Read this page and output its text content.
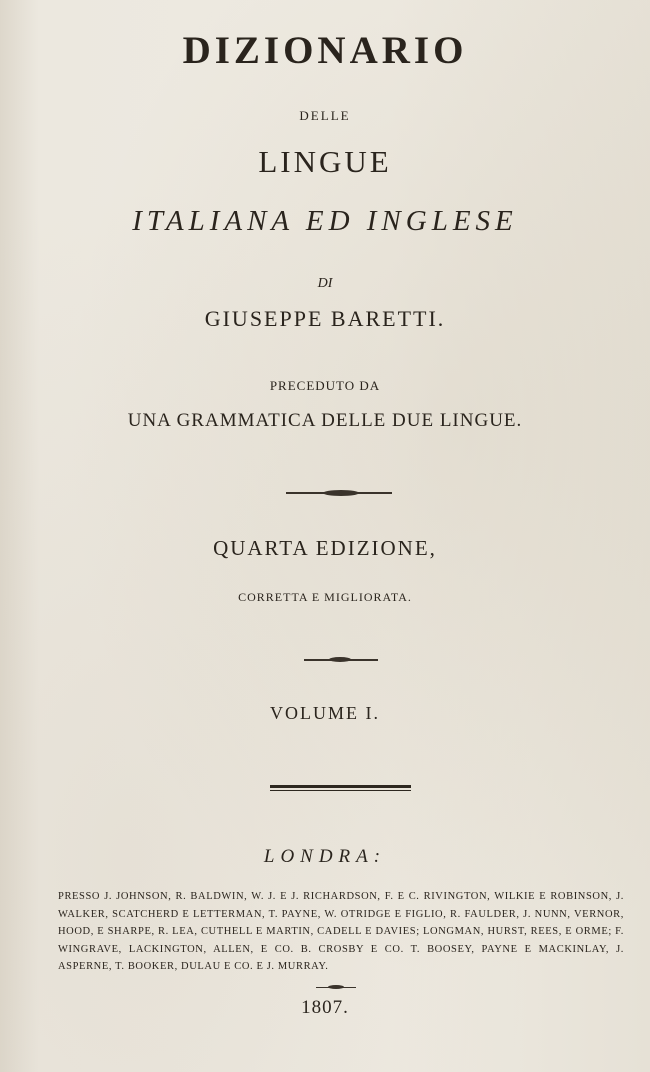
DIZIONARIO
DELLE
LINGUE
ITALIANA ED INGLESE
DI
GIUSEPPE BARETTI.
PRECEDUTO DA
UNA GRAMMATICA DELLE DUE LINGUE.
QUARTA EDIZIONE,
CORRETTA E MIGLIORATA.
VOLUME I.
LONDRA:
PRESSO J. JOHNSON, R. BALDWIN, W. J. E J. RICHARDSON, F. E C. RIVINGTON, WILKIE E ROBINSON, J. WALKER, SCATCHERD E LETTERMAN, T. PAYNE, W. OTRIDGE E FIGLIO, R. FAULDER, J. NUNN, VERNOR, HOOD, E SHARPE, R. LEA, CUTHELL E MARTIN, CADELL E DAVIES; LONGMAN, HURST, REES, E ORME; F. WINGRAVE, LACKINGTON, ALLEN, E CO. B. CROSBY E CO. T. BOOSEY, PAYNE E MACKINLAY, J. ASPERNE, T. BOOKER, DULAU E CO. E J. MURRAY.
1807.
